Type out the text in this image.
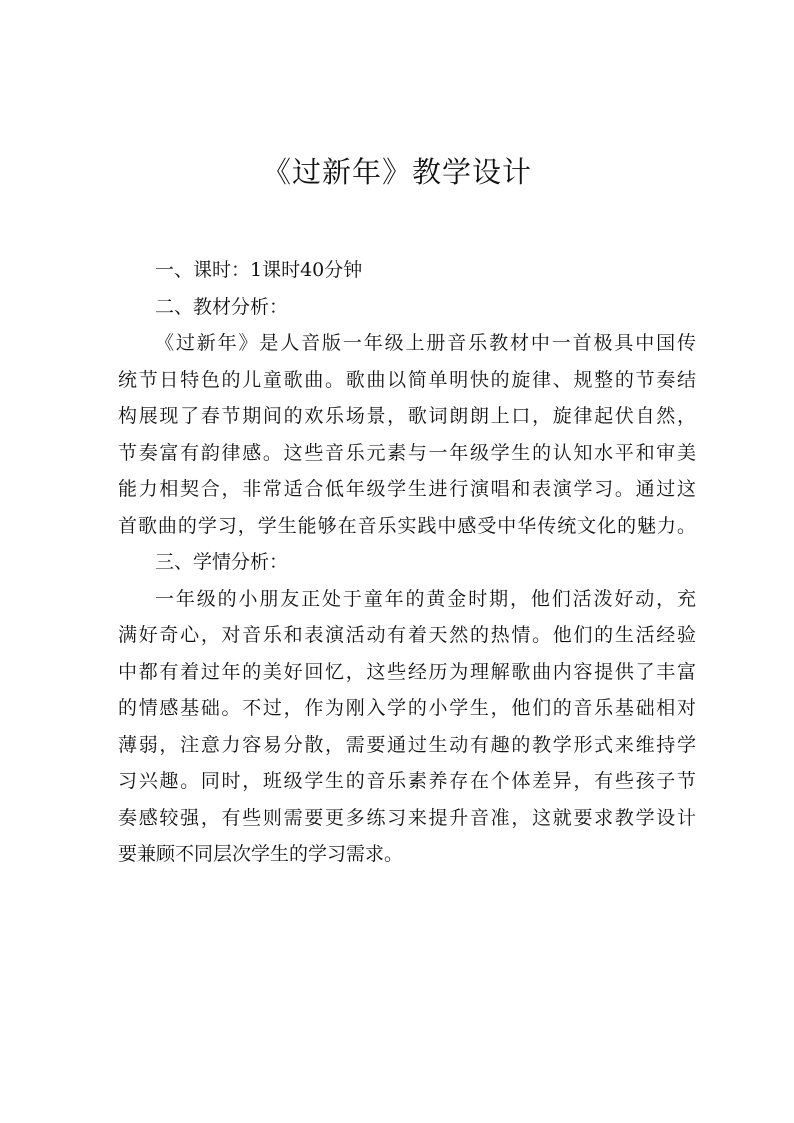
《过新年》教学设计
一、课时：1课时40分钟
二、教材分析：
《过新年》是人音版一年级上册音乐教材中一首极具中国传
统节日特色的儿童歌曲。歌曲以简单明快的旋律、规整的节奏结
构展现了春节期间的欢乐场景，歌词朗朗上口，旋律起伏自然，
节奏富有韵律感。这些音乐元素与一年级学生的认知水平和审美
能力相契合，非常适合低年级学生进行演唱和表演学习。通过这
首歌曲的学习，学生能够在音乐实践中感受中华传统文化的魅力。
三、学情分析：
一年级的小朋友正处于童年的黄金时期，他们活泼好动，充
满好奇心，对音乐和表演活动有着天然的热情。他们的生活经验
中都有着过年的美好回忆，这些经历为理解歌曲内容提供了丰富
的情感基础。不过，作为刚入学的小学生，他们的音乐基础相对
薄弱，注意力容易分散，需要通过生动有趣的教学形式来维持学
习兴趣。同时，班级学生的音乐素养存在个体差异，有些孩子节
奏感较强，有些则需要更多练习来提升音准，这就要求教学设计
要兼顾不同层次学生的学习需求。
